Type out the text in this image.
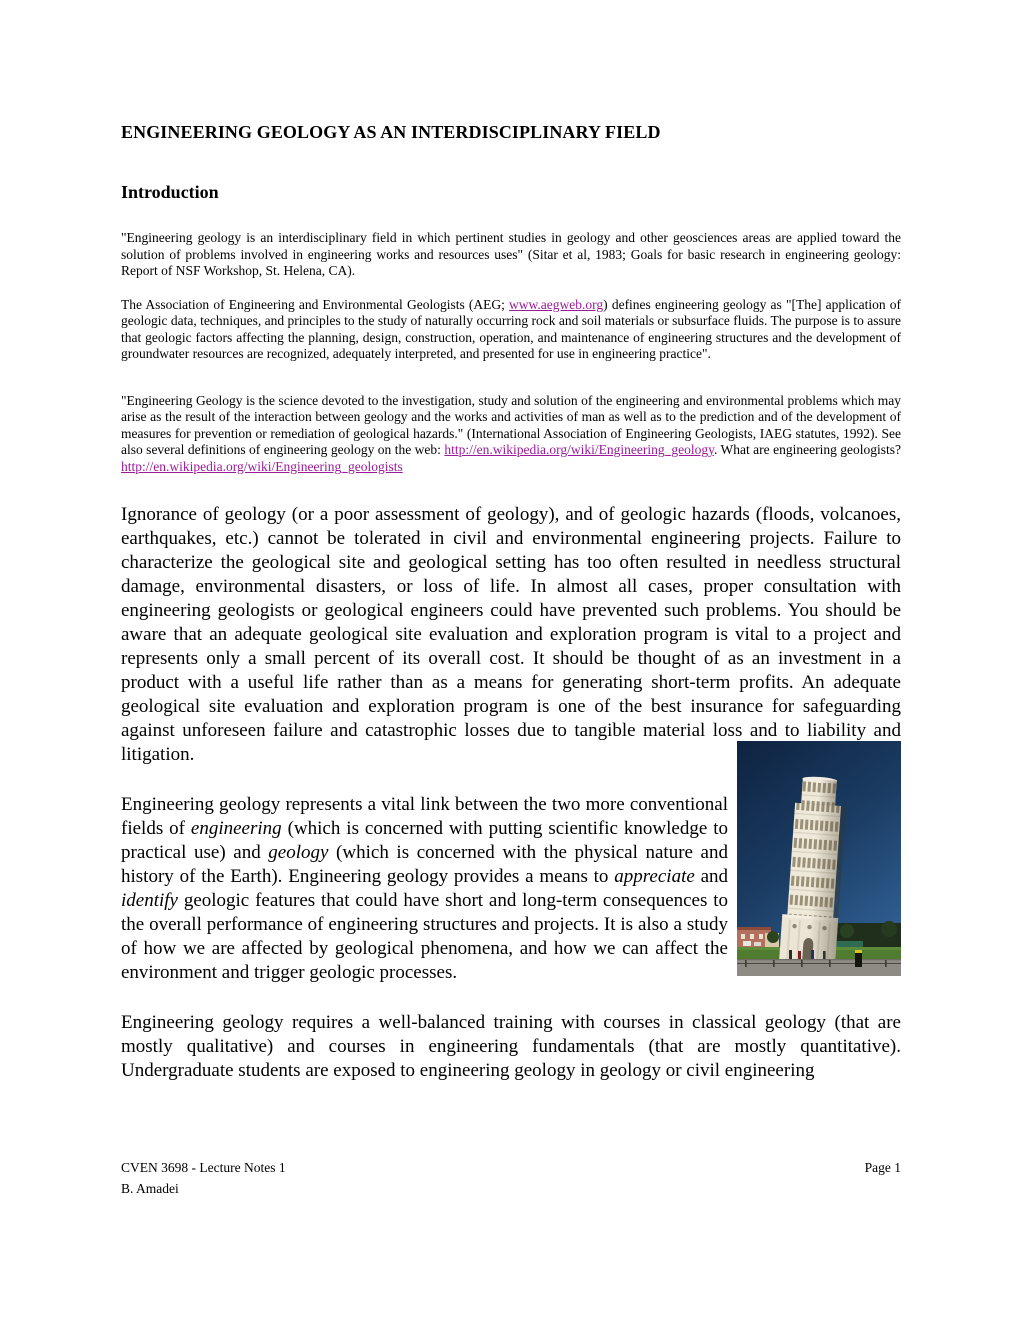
ENGINEERING GEOLOGY AS AN INTERDISCIPLINARY FIELD
Introduction

"Engineering geology is an interdisciplinary field in which pertinent studies in geology and other geosciences areas are applied toward the solution of problems involved in engineering works and resources uses" (Sitar et al, 1983; Goals for basic research in engineering geology: Report of NSF Workshop, St. Helena, CA).

The Association of Engineering and Environmental Geologists (AEG; www.aegweb.org) defines engineering geology as "[The] application of geologic data, techniques, and principles to the study of naturally occurring rock and soil materials or subsurface fluids. The purpose is to assure that geologic factors affecting the planning, design, construction, operation, and maintenance of engineering structures and the development of groundwater resources are recognized, adequately interpreted, and presented for use in engineering practice".

"Engineering Geology is the science devoted to the investigation, study and solution of the engineering and environmental problems which may arise as the result of the interaction between geology and the works and activities of man as well as to the prediction and of the development of measures for prevention or remediation of geological hazards." (International Association of Engineering Geologists, IAEG statutes, 1992). See also several definitions of engineering geology on the web: http://en.wikipedia.org/wiki/Engineering_geology. What are engineering geologists? http://en.wikipedia.org/wiki/Engineering_geologists

Ignorance of geology (or a poor assessment of geology), and of geologic hazards (floods, volcanoes, earthquakes, etc.) cannot be tolerated in civil and environmental engineering projects. Failure to characterize the geological site and geological setting has too often resulted in needless structural damage, environmental disasters, or loss of life. In almost all cases, proper consultation with engineering geologists or geological engineers could have prevented such problems. You should be aware that an adequate geological site evaluation and exploration program is vital to a project and represents only a small percent of its overall cost. It should be thought of as an investment in a product with a useful life rather than as a means for generating short-term profits. An adequate geological site evaluation and exploration program is one of the best insurance for safeguarding against unforeseen failure and catastrophic losses due to tangible material loss and to liability and litigation.

Engineering geology represents a vital link between the two more conventional fields of engineering (which is concerned with putting scientific knowledge to practical use) and geology (which is concerned with the physical nature and history of the Earth). Engineering geology provides a means to appreciate and identify geologic features that could have short and long-term consequences to the overall performance of engineering structures and projects. It is also a study of how we are affected by geological phenomena, and how we can affect the environment and trigger geologic processes.

Engineering geology requires a well-balanced training with courses in classical geology (that are mostly qualitative) and courses in engineering fundamentals (that are mostly quantitative). Undergraduate students are exposed to engineering geology in geology or civil engineering

CVEN 3698 - Lecture Notes 1	Page 1
B. Amadei
